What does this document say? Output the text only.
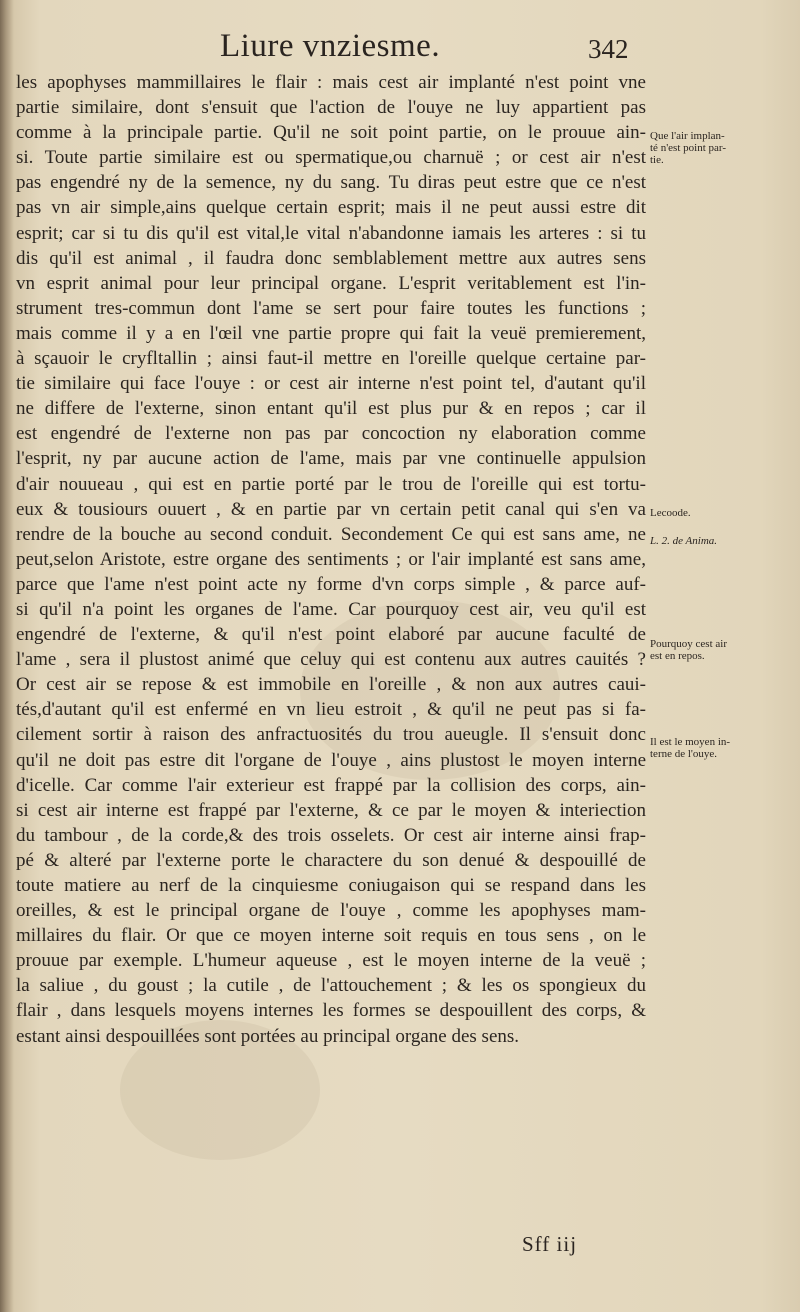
Liure vnziesme.	342
les apophyses mammillaires le flair : mais cest air implanté n'est point vne
partie similaire, dont s'ensuit que l'action de l'ouye ne luy appartient pas
comme à la principale partie. Qu'il ne soit point partie, on le prouue ain-
si. Toute partie similaire est ou spermatique,ou charnuë ; or cest air n'est
pas engendré ny de la semence, ny du sang. Tu diras peut estre que ce n'est
pas vn air simple,ains quelque certain esprit; mais il ne peut aussi estre dit
esprit; car si tu dis qu'il est vital,le vital n'abandonne iamais les arteres : si tu
dis qu'il est animal , il faudra donc semblablement mettre aux autres sens
vn esprit animal pour leur principal organe. L'esprit veritablement est l'in-
strument tres-commun dont l'ame se sert pour faire toutes les functions ;
mais comme il y a en l'œil vne partie propre qui fait la veuë premierement,
à sçauoir le cryfltallin ; ainsi faut-il mettre en l'oreille quelque certaine par-
tie similaire qui face l'ouye : or cest air interne n'est point tel, d'autant qu'il
ne differe de l'externe, sinon entant qu'il est plus pur & en repos ; car il
est engendré de l'externe non pas par concoction ny elaboration comme
l'esprit, ny par aucune action de l'ame, mais par vne continuelle appulsion
d'air nouueau , qui est en partie porté par le trou de l'oreille qui est tortu-
eux & tousiours ouuert , & en partie par vn certain petit canal qui s'en va
rendre de la bouche au second conduit. Secondement Ce qui est sans ame, ne
peut,selon Aristote, estre organe des sentiments ; or l'air implanté est sans ame,
parce que l'ame n'est point acte ny forme d'vn corps simple , & parce auf-
si qu'il n'a point les organes de l'ame. Car pourquoy cest air, veu qu'il est
engendré de l'externe, & qu'il n'est point elaboré par aucune faculté de
l'ame , sera il plustost animé que celuy qui est contenu aux autres cauités ?
Or cest air se repose & est immobile en l'oreille , & non aux autres caui-
tés,d'autant qu'il est enfermé en vn lieu estroit , & qu'il ne peut pas si fa-
cilement sortir à raison des anfractuosités du trou aueugle. Il s'ensuit donc
qu'il ne doit pas estre dit l'organe de l'ouye , ains plustost le moyen interne
d'icelle. Car comme l'air exterieur est frappé par la collision des corps, ain-
si cest air interne est frappé par l'externe, & ce par le moyen & interiection
du tambour , de la corde,& des trois osselets. Or cest air interne ainsi frap-
pé & alteré par l'externe porte le charactere du son denué & despouillé de
toute matiere au nerf de la cinquiesme coniugaison qui se respand dans les
oreilles, & est le principal organe de l'ouye , comme les apophyses mam-
millaires du flair. Or que ce moyen interne soit requis en tous sens , on le
prouue par exemple. L'humeur aqueuse , est le moyen interne de la veuë ;
la saliue , du goust ; la cutile , de l'attouchement ; & les os spongieux du
flair , dans lesquels moyens internes les formes se despouillent des corps, &
estant ainsi despouillées sont portées au principal organe des sens.
Que l'air implan-
té n'est point par-
tie.
Lecoode.
L. 2. de Anima.
Pourquoy cest air
est en repos.
Il est le moyen in-
terne de l'ouye.
Sff iij
